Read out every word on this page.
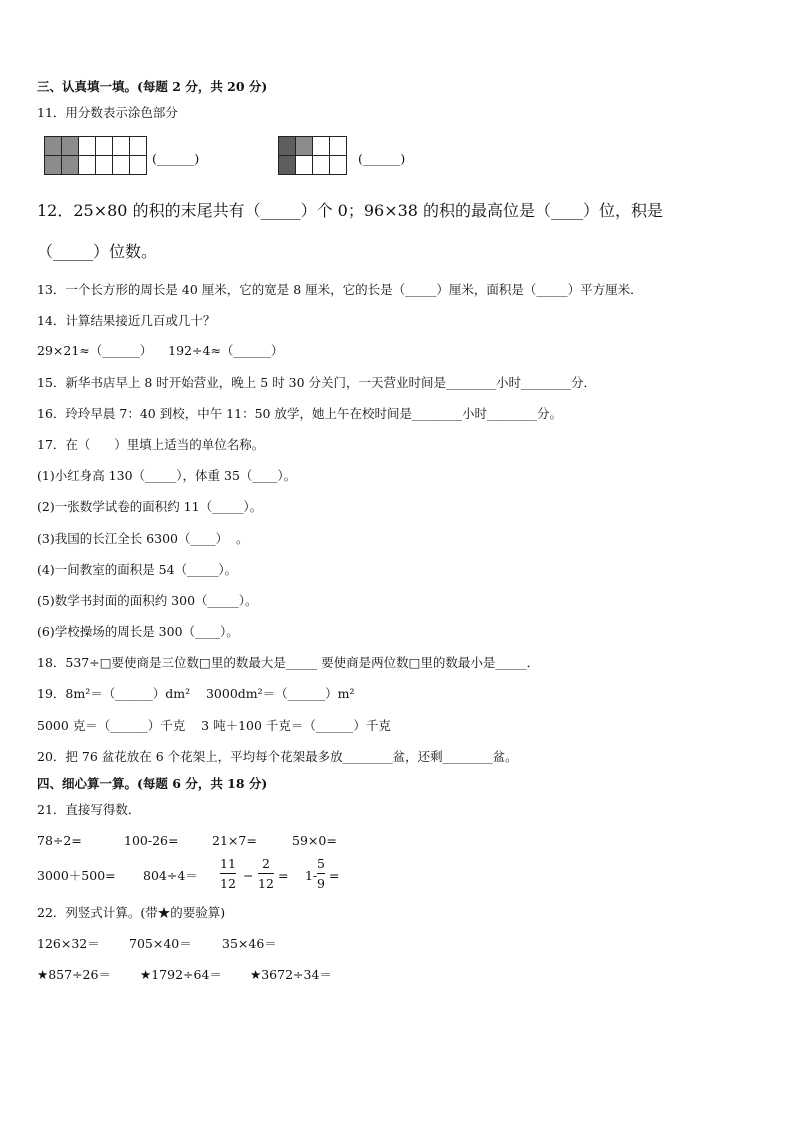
三、认真填一填。(每题 2 分，共 20 分)
11．用分数表示涂色部分
(______)	(______)
12．25×80 的积的末尾共有（_____）个 0；96×38 的积的最高位是（____）位，积是
（_____）位数。
13．一个长方形的周长是 40 厘米，它的宽是 8 厘米，它的长是（_____）厘米，面积是（_____）平方厘米．
14．计算结果接近几百或几十？
29×21≈（______）    192÷4≈（______）
15．新华书店早上 8 时开始营业，晚上 5 时 30 分关门，一天营业时间是________小时________分．
16．玲玲早晨 7：40 到校，中午 11：50 放学，她上午在校时间是________小时________分。
17．在（      ）里填上适当的单位名称。
(1)小红身高 130（_____），体重 35（____）。
(2)一张数学试卷的面积约 11（_____）。
(3)我国的长江全长 6300（____）  。
(4)一间教室的面积是 54（_____）。
(5)数学书封面的面积约 300（_____）。
(6)学校操场的周长是 300（____）。
18．537÷□要使商是三位数□里的数最大是_____ 要使商是两位数□里的数最小是_____．
19．8m²＝（______）dm²    3000dm²＝（______）m²
5000 克＝（______）千克    3 吨＋100 千克＝（______）千克
20．把 76 盆花放在 6 个花架上，平均每个花架最多放________盆，还剩________盆。
四、细心算一算。(每题 6 分，共 18 分)
21．直接写得数．
78÷2=	100-26=	21×7=	59×0=
3000＋500= 804÷4＝
11
12
−
2
12
= 1-
5
9
=
22．列竖式计算。(带★的要验算)
126×32＝ 705×40＝ 35×46＝
★857÷26＝ ★1792÷64＝ ★3672÷34＝
